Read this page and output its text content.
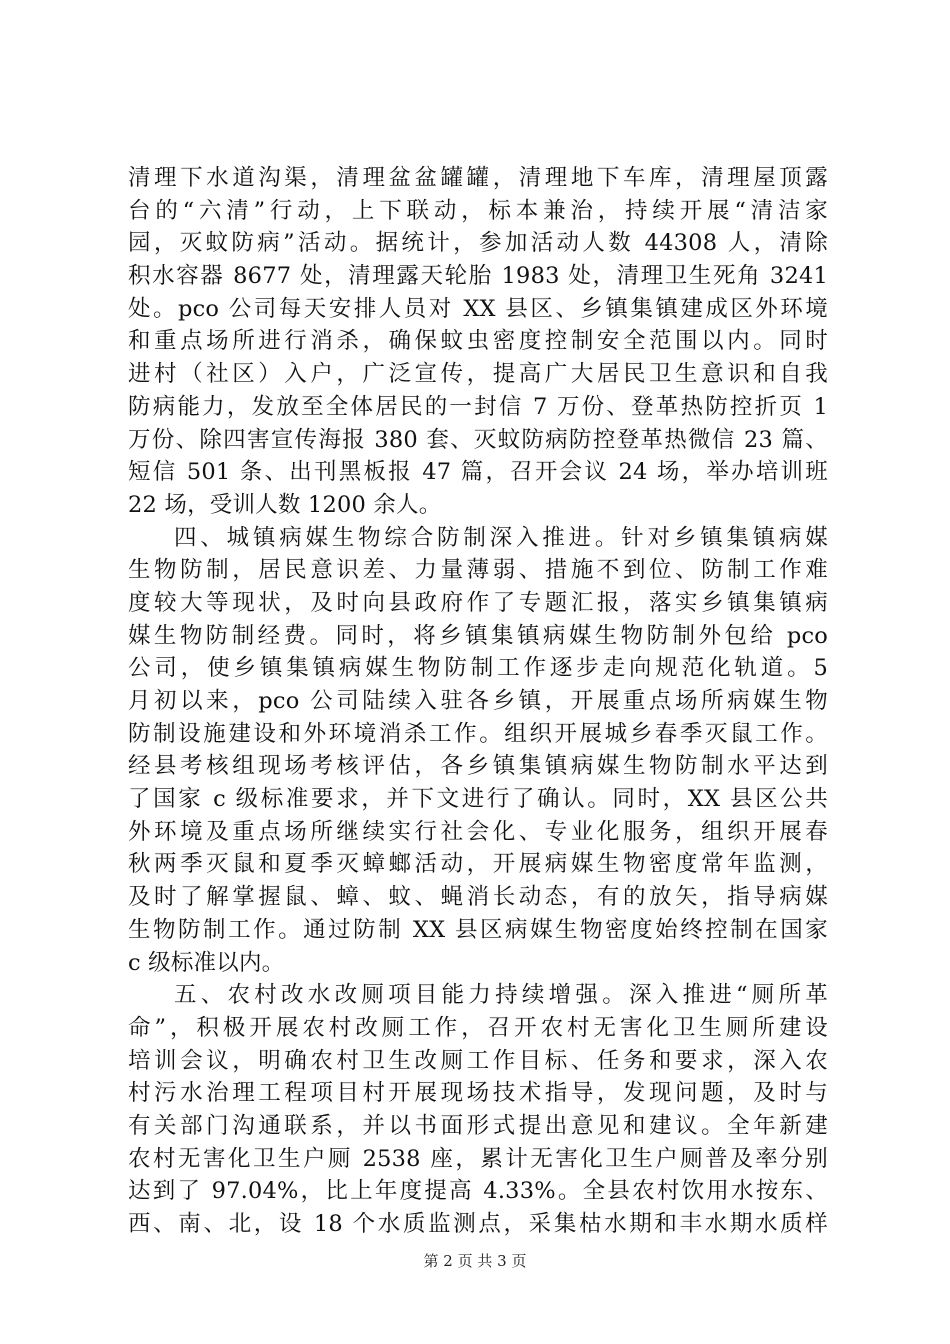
清理下水道沟渠，清理盆盆罐罐，清理地下车库，清理屋顶露
台的“六清”行动，上下联动，标本兼治，持续开展“清洁家
园，灭蚊防病”活动。据统计，参加活动人数 44308 人，清除
积水容器 8677 处，清理露天轮胎 1983 处，清理卫生死角 3241
处。pco 公司每天安排人员对 XX 县区、乡镇集镇建成区外环境
和重点场所进行消杀，确保蚊虫密度控制安全范围以内。同时
进村（社区）入户，广泛宣传，提高广大居民卫生意识和自我
防病能力，发放至全体居民的一封信 7 万份、登革热防控折页 1
万份、除四害宣传海报 380 套、灭蚊防病防控登革热微信 23 篇、
短信 501 条、出刊黑板报 47 篇，召开会议 24 场，举办培训班
22 场，受训人数 1200 余人。
四、城镇病媒生物综合防制深入推进。针对乡镇集镇病媒
生物防制，居民意识差、力量薄弱、措施不到位、防制工作难
度较大等现状，及时向县政府作了专题汇报，落实乡镇集镇病
媒生物防制经费。同时，将乡镇集镇病媒生物防制外包给 pco
公司，使乡镇集镇病媒生物防制工作逐步走向规范化轨道。5
月初以来，pco 公司陆续入驻各乡镇，开展重点场所病媒生物
防制设施建设和外环境消杀工作。组织开展城乡春季灭鼠工作。
经县考核组现场考核评估，各乡镇集镇病媒生物防制水平达到
了国家 c 级标准要求，并下文进行了确认。同时，XX 县区公共
外环境及重点场所继续实行社会化、专业化服务，组织开展春
秋两季灭鼠和夏季灭蟑螂活动，开展病媒生物密度常年监测，
及时了解掌握鼠、蟑、蚊、蝇消长动态，有的放矢，指导病媒
生物防制工作。通过防制 XX 县区病媒生物密度始终控制在国家
c 级标准以内。
五、农村改水改厕项目能力持续增强。深入推进“厕所革
命”，积极开展农村改厕工作，召开农村无害化卫生厕所建设
培训会议，明确农村卫生改厕工作目标、任务和要求，深入农
村污水治理工程项目村开展现场技术指导，发现问题，及时与
有关部门沟通联系，并以书面形式提出意见和建议。全年新建
农村无害化卫生户厕 2538 座，累计无害化卫生户厕普及率分别
达到了 97.04%，比上年度提高 4.33%。全县农村饮用水按东、
西、南、北，设 18 个水质监测点，采集枯水期和丰水期水质样
第 2 页 共 3 页
